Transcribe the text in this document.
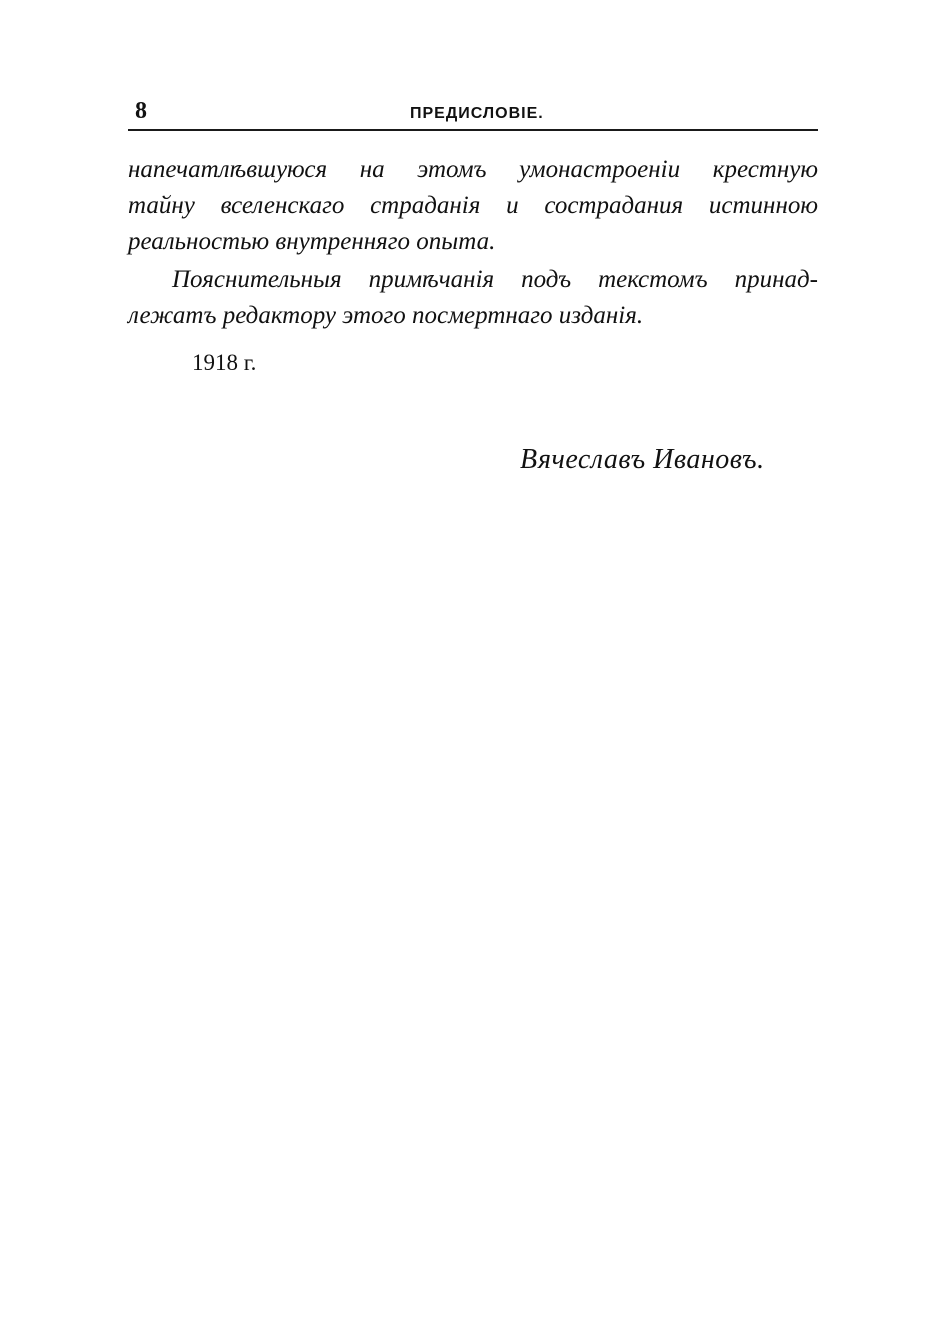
8	ПРЕДИСЛОВІЕ.
напечатлѣвшуюся на этомъ умонастроеніи крестную
тайну вселенскаго страданія и сострадания истинною
реальностью внутренняго опыта.
Пояснительныя примѣчанія подъ текстомъ принад-
лежатъ редактору этого посмертнаго изданія.
1918 г.
Вячеславъ Ивановъ.
